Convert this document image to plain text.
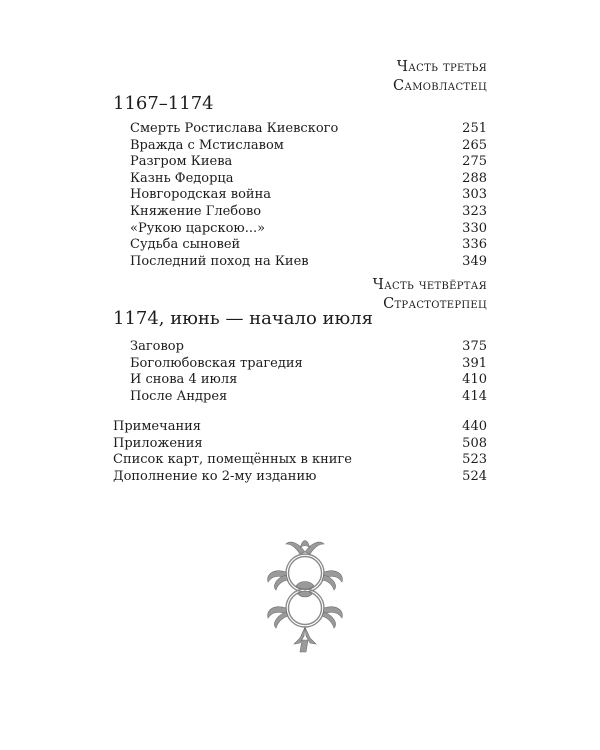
Часть третья
Самовластец
1167–1174
Смерть Ростислава Киевского	251
Вражда с Мстиславом	265
Разгром Киева	275
Казнь Федорца	288
Новгородская война	303
Княжение Глебово	323
«Рукою царскою...»	330
Судьба сыновей	336
Последний поход на Киев	349
Часть четвёртая
Страстотерпец
1174, июнь — начало июля
Заговор	375
Боголюбовская трагедия	391
И снова 4 июля	410
После Андрея	414
Примечания	440
Приложения	508
Список карт, помещённых в книге	523
Дополнение ко 2-му изданию	524
